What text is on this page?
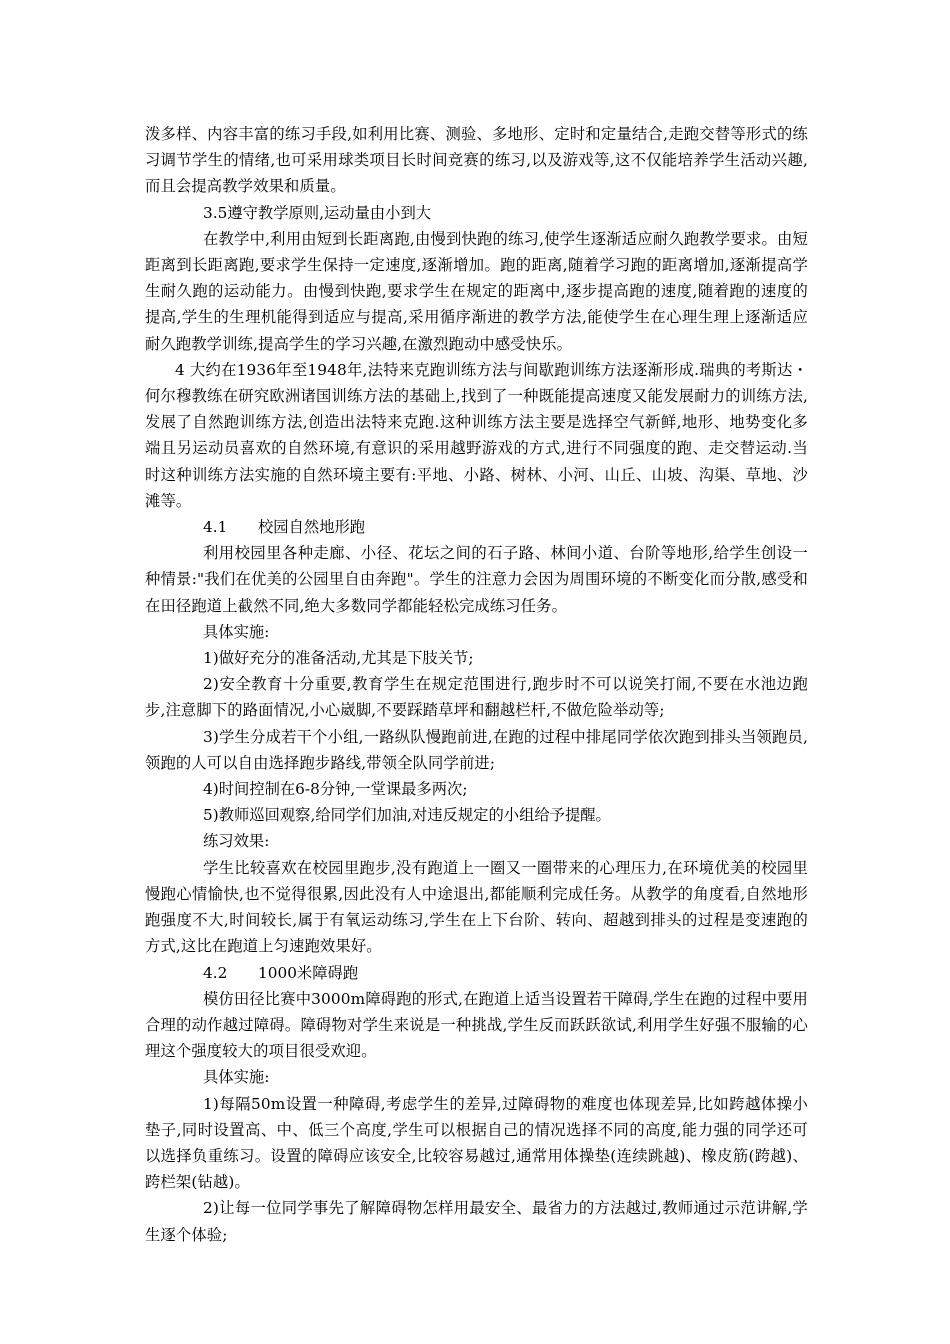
泼多样、内容丰富的练习手段,如利用比赛、测验、多地形、定时和定量结合,走跑交替等形式的练习调节学生的情绪,也可采用球类项目长时间竞赛的练习,以及游戏等,这不仅能培养学生活动兴趣,而且会提高教学效果和质量。

3.5遵守教学原则,运动量由小到大

在教学中,利用由短到长距离跑,由慢到快跑的练习,使学生逐渐适应耐久跑教学要求。由短距离到长距离跑,要求学生保持一定速度,逐渐增加。跑的距离,随着学习跑的距离增加,逐渐提高学生耐久跑的运动能力。由慢到快跑,要求学生在规定的距离中,逐步提高跑的速度,随着跑的速度的提高,学生的生理机能得到适应与提高,采用循序渐进的教学方法,能使学生在心理生理上逐渐适应耐久跑教学训练,提高学生的学习兴趣,在激烈跑动中感受快乐。

4 大约在1936年至1948年,法特来克跑训练方法与间歇跑训练方法逐渐形成.瑞典的考斯达・何尔穆教练在研究欧洲诸国训练方法的基础上,找到了一种既能提高速度又能发展耐力的训练方法,发展了自然跑训练方法,创造出法特来克跑.这种训练方法主要是选择空气新鲜,地形、地势变化多端且另运动员喜欢的自然环境,有意识的采用越野游戏的方式,进行不同强度的跑、走交替运动.当时这种训练方法实施的自然环境主要有:平地、小路、树林、小河、山丘、山坡、沟渠、草地、沙滩等。

4.1 校园自然地形跑

利用校园里各种走廊、小径、花坛之间的石子路、林间小道、台阶等地形,给学生创设一种情景:"我们在优美的公园里自由奔跑"。学生的注意力会因为周围环境的不断变化而分散,感受和在田径跑道上截然不同,绝大多数同学都能轻松完成练习任务。

具体实施:

1)做好充分的准备活动,尤其是下肢关节;

2)安全教育十分重要,教育学生在规定范围进行,跑步时不可以说笑打闹,不要在水池边跑步,注意脚下的路面情况,小心崴脚,不要踩踏草坪和翻越栏杆,不做危险举动等;

3)学生分成若干个小组,一路纵队慢跑前进,在跑的过程中排尾同学依次跑到排头当领跑员,领跑的人可以自由选择跑步路线,带领全队同学前进;

4)时间控制在6-8分钟,一堂课最多两次;

5)教师巡回观察,给同学们加油,对违反规定的小组给予提醒。

练习效果:

学生比较喜欢在校园里跑步,没有跑道上一圈又一圈带来的心理压力,在环境优美的校园里慢跑心情愉快,也不觉得很累,因此没有人中途退出,都能顺利完成任务。从教学的角度看,自然地形跑强度不大,时间较长,属于有氧运动练习,学生在上下台阶、转向、超越到排头的过程是变速跑的方式,这比在跑道上匀速跑效果好。

4.2 1000米障碍跑

模仿田径比赛中3000m障碍跑的形式,在跑道上适当设置若干障碍,学生在跑的过程中要用合理的动作越过障碍。障碍物对学生来说是一种挑战,学生反而跃跃欲试,利用学生好强不服输的心理这个强度较大的项目很受欢迎。

具体实施:

1)每隔50m设置一种障碍,考虑学生的差异,过障碍物的难度也体现差异,比如跨越体操小垫子,同时设置高、中、低三个高度,学生可以根据自己的情况选择不同的高度,能力强的同学还可以选择负重练习。设置的障碍应该安全,比较容易越过,通常用体操垫(连续跳越)、橡皮筋(跨越)、跨栏架(钻越)。

2)让每一位同学事先了解障碍物怎样用最安全、最省力的方法越过,教师通过示范讲解,学生逐个体验;
